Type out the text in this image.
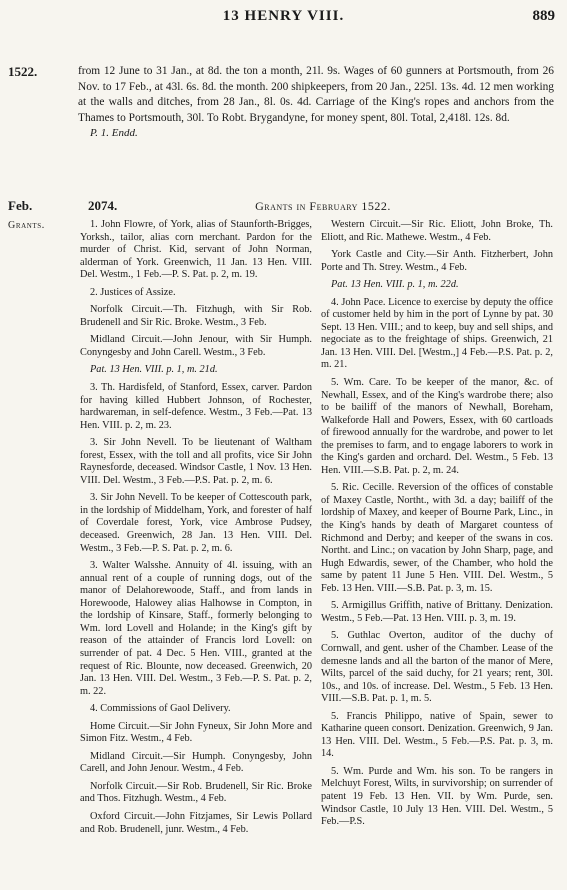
13 HENRY VIII.	889
1522.	from 12 June to 31 Jan., at 8d. the ton a month, 21l. 9s. Wages of 60 gunners at Portsmouth, from 26 Nov. to 17 Feb., at 43l. 6s. 8d. the month. 200 shipkeepers, from 20 Jan., 225l. 13s. 4d. 12 men working at the walls and ditches, from 28 Jan., 8l. 0s. 4d. Carriage of the King's ropes and anchors from the Thames to Portsmouth, 30l. To Robt. Brygandyne, for money spent, 80l. Total, 2,418l. 12s. 8d.
P. 1. Endd.
Feb.	2074.	Grants in February 1522.
Grants.	1. John Flowre, of York, alias of Staunforth-Brigges, Yorksh., tailor, alias corn merchant. Pardon for the murder of Christ. Kid, servant of John Norman, alderman of York. Greenwich, 11 Jan. 13 Hen. VIII. Del. Westm., 1 Feb.—P. S. Pat. p. 2, m. 19.

2. Justices of Assize.

Norfolk Circuit.—Th. Fitzhugh, with Sir Rob. Brudenell and Sir Ric. Broke. Westm., 3 Feb.

Midland Circuit.—John Jenour, with Sir Humph. Conyngesby and John Carell. Westm., 3 Feb.

Pat. 13 Hen. VIII. p. 1, m. 21d.

3. Th. Hardisfeld, of Stanford, Essex, carver. Pardon for having killed Hubbert Johnson, of Rochester, hardwareman, in self-defence. Westm., 3 Feb.—Pat. 13 Hen. VIII. p. 2, m. 23.

3. Sir John Nevell. To be lieutenant of Waltham forest, Essex, with the toll and all profits, vice Sir John Raynesforde, deceased. Windsor Castle, 1 Nov. 13 Hen. VIII. Del. Westm., 3 Feb.—P.S. Pat. p. 2, m. 6.

3. Sir John Nevell. To be keeper of Cottescouth park, in the lordship of Middelham, York, and forester of half of Coverdale forest, York, vice Ambrose Pudsey, deceased. Greenwich, 28 Jan. 13 Hen. VIII. Del. Westm., 3 Feb.—P. S. Pat. p. 2, m. 6.

3. Walter Walsshe. Annuity of 4l. issuing, with an annual rent of a couple of running dogs, out of the manor of Delahorewoode, Staff., and from lands in Horewoode, Halowey alias Halhowse in Compton, in the lordship of Kinsare, Staff., formerly belonging to Wm. lord Lovell and Holande; in the King's gift by reason of the attainder of Francis lord Lovell: on surrender of pat. 4 Dec. 5 Hen. VIII., granted at the request of Ric. Blounte, now deceased. Greenwich, 20 Jan. 13 Hen. VIII. Del. Westm., 3 Feb.—P. S. Pat. p. 2, m. 22.

4. Commissions of Gaol Delivery.

Home Circuit.—Sir John Fyneux, Sir John More and Simon Fitz. Westm., 4 Feb.

Midland Circuit.—Sir Humph. Conyngesby, John Carell, and John Jenour. Westm., 4 Feb.

Norfolk Circuit.—Sir Rob. Brudenell, Sir Ric. Broke and Thos. Fitzhugh. Westm., 4 Feb.

Oxford Circuit.—John Fitzjames, Sir Lewis Pollard and Rob. Brudenell, junr. Westm., 4 Feb.

Western Circuit.—Sir Ric. Eliott, John Broke, Th. Eliott, and Ric. Mathewe. Westm., 4 Feb.

York Castle and City.—Sir Anth. Fitzherbert, John Porte and Th. Strey. Westm., 4 Feb.

Pat. 13 Hen. VIII. p. 1, m. 22d.

4. John Pace. Licence to exercise by deputy the office of customer held by him in the port of Lynne by pat. 30 Sept. 13 Hen. VIII.; and to keep, buy and sell ships, and negociate as to the freightage of ships. Greenwich, 21 Jan. 13 Hen. VIII. Del. [Westm.,] 4 Feb.—P.S. Pat. p. 2, m. 21.

5. Wm. Care. To be keeper of the manor, &c. of Newhall, Essex, and of the King's wardrobe there; also to be bailiff of the manors of Newhall, Boreham, Walkeforde Hall and Powers, Essex, with 60 cartloads of firewood annually for the wardrobe, and power to let the premises to farm, and to engage laborers to work in the King's garden and orchard. Del. Westm., 5 Feb. 13 Hen. VIII.—S.B. Pat. p. 2, m. 24.

5. Ric. Cecille. Reversion of the offices of constable of Maxey Castle, Northt., with 3d. a day; bailiff of the lordship of Maxey, and keeper of Bourne Park, Linc., in the King's hands by death of Margaret countess of Richmond and Derby; and keeper of the swans in cos. Northt. and Linc.; on vacation by John Sharp, page, and Hugh Edwardis, sewer, of the Chamber, who hold the same by patent 11 June 5 Hen. VIII. Del. Westm., 5 Feb. 13 Hen. VIII.—S.B. Pat. p. 3, m. 15.

5. Armigillus Griffith, native of Brittany. Denization. Westm., 5 Feb.—Pat. 13 Hen. VIII. p. 3, m. 19.

5. Guthlac Overton, auditor of the duchy of Cornwall, and gent. usher of the Chamber. Lease of the demesne lands and all the barton of the manor of Mere, Wilts, parcel of the said duchy, for 21 years; rent, 30l. 10s., and 10s. of increase. Del. Westm., 5 Feb. 13 Hen. VIII.—S.B. Pat. p. 1, m. 5.

5. Francis Philippo, native of Spain, sewer to Katharine queen consort. Denization. Greenwich, 9 Jan. 13 Hen. VIII. Del. Westm., 5 Feb.—P.S. Pat. p. 3, m. 14.

5. Wm. Purde and Wm. his son. To be rangers in Melchuyt Forest, Wilts, in survivorship; on surrender of patent 19 Feb. 13 Hen. VII. by Wm. Purde, sen. Windsor Castle, 10 July 13 Hen. VIII. Del. Westm., 5 Feb.—P.S.
